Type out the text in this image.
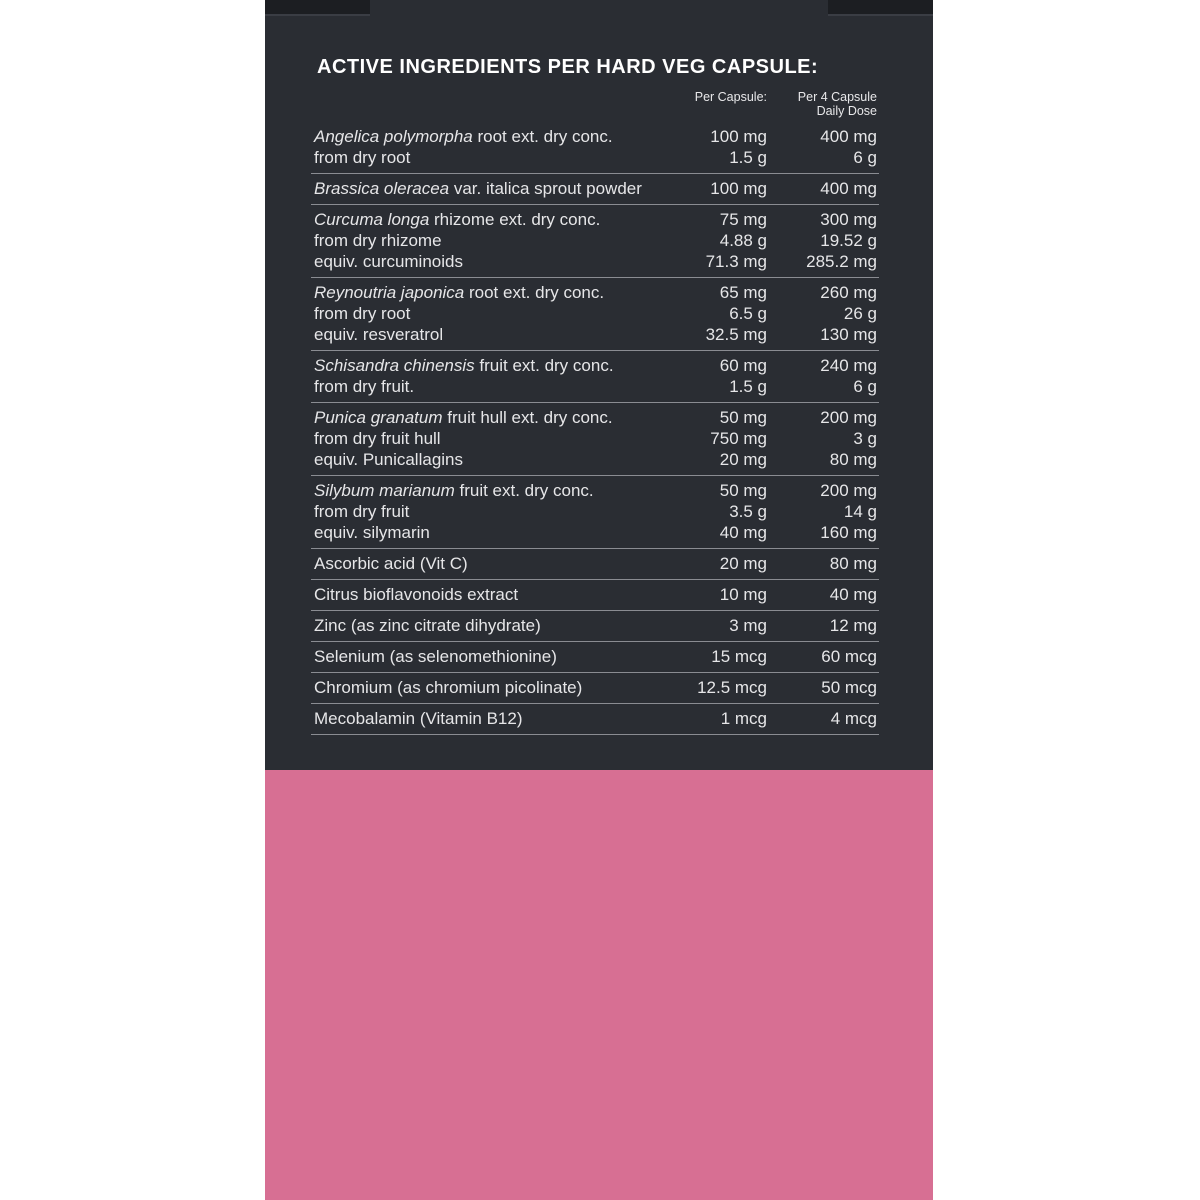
ACTIVE INGREDIENTS PER HARD VEG CAPSULE:
Per Capsule:	Per 4 Capsule Daily Dose
Angelica polymorpha root ext. dry conc.	100 mg	400 mg
from dry root	1.5 g	6 g
Brassica oleracea var. italica sprout powder	100 mg	400 mg
Curcuma longa rhizome ext. dry conc.	75 mg	300 mg
from dry rhizome	4.88 g	19.52 g
equiv. curcuminoids	71.3 mg	285.2 mg
Reynoutria japonica root ext. dry conc.	65 mg	260 mg
from dry root	6.5 g	26 g
equiv. resveratrol	32.5 mg	130 mg
Schisandra chinensis fruit ext. dry conc.	60 mg	240 mg
from dry fruit.	1.5 g	6 g
Punica granatum fruit hull ext. dry conc.	50 mg	200 mg
from dry fruit hull	750 mg	3 g
equiv. Punicallagins	20 mg	80 mg
Silybum marianum fruit ext. dry conc.	50 mg	200 mg
from dry fruit	3.5 g	14 g
equiv. silymarin	40 mg	160 mg
Ascorbic acid (Vit C)	20 mg	80 mg
Citrus bioflavonoids extract	10 mg	40 mg
Zinc (as zinc citrate dihydrate)	3 mg	12 mg
Selenium (as selenomethionine)	15 mcg	60 mcg
Chromium (as chromium picolinate)	12.5 mcg	50 mcg
Mecobalamin (Vitamin B12)	1 mcg	4 mcg
